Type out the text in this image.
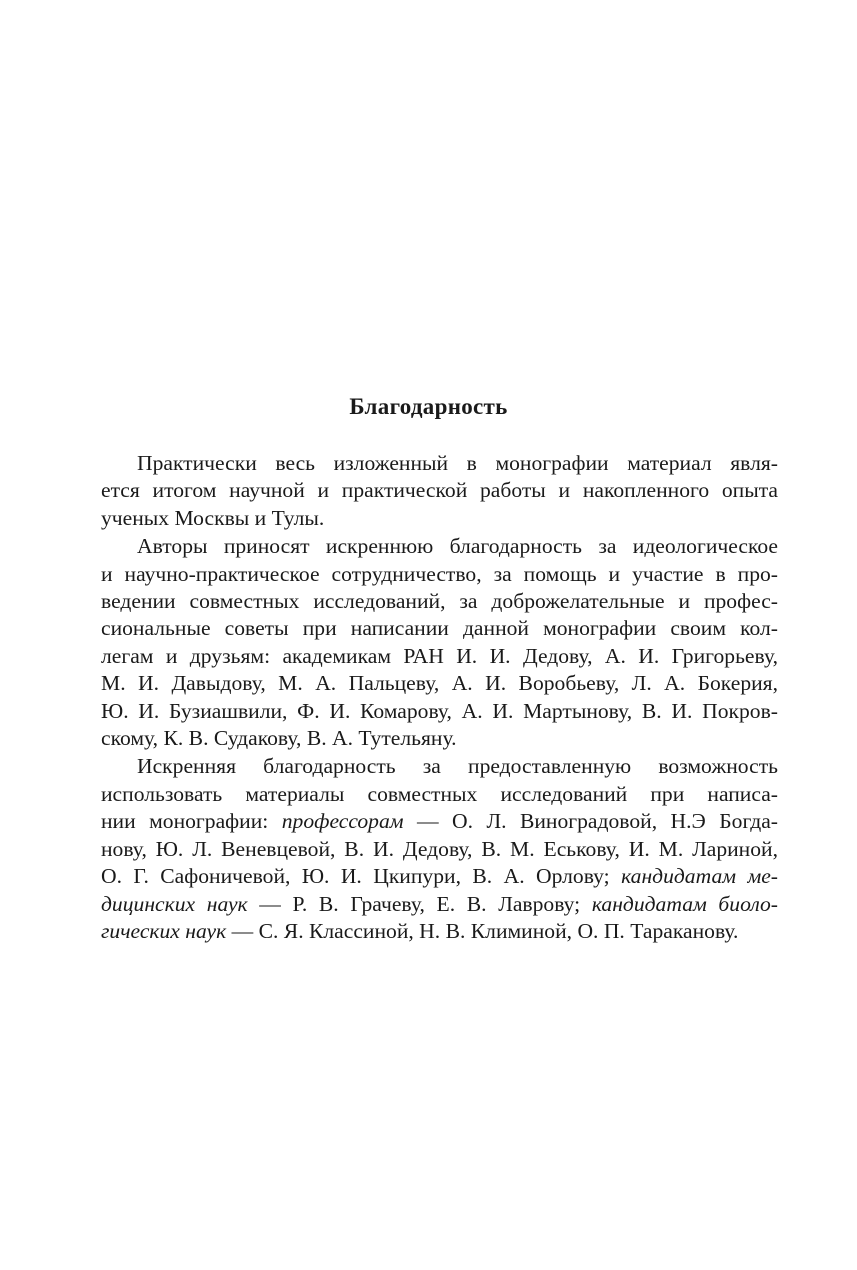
Благодарность

Практически весь изложенный в монографии материал явля-
ется итогом научной и практической работы и накопленного опыта
ученых Москвы и Тулы.

Авторы приносят искреннюю благодарность за идеологическое
и научно-практическое сотрудничество, за помощь и участие в про-
ведении совместных исследований, за доброжелательные и профес-
сиональные советы при написании данной монографии своим кол-
легам и друзьям: академикам РАН И. И. Дедову, А. И. Григорьеву,
М. И. Давыдову, М. А. Пальцеву, А. И. Воробьеву, Л. А. Бокерия,
Ю. И. Бузиашвили, Ф. И. Комарову, А. И. Мартынову, В. И. Покров-
скому, К. В. Судакову, В. А. Тутельяну.

Искренняя благодарность за предоставленную возможность
использовать материалы совместных исследований при написа-
нии монографии: профессорам — О. Л. Виноградовой, Н.Э Богда-
нову, Ю. Л. Веневцевой, В. И. Дедову, В. М. Еськову, И. М. Лариной,
О. Г. Сафоничевой, Ю. И. Цкипури, В. А. Орлову; кандидатам ме-
дицинских наук — Р. В. Грачеву, Е. В. Лаврову; кандидатам биоло-
гических наук — С. Я. Классиной, Н. В. Климиной, О. П. Тараканову.
